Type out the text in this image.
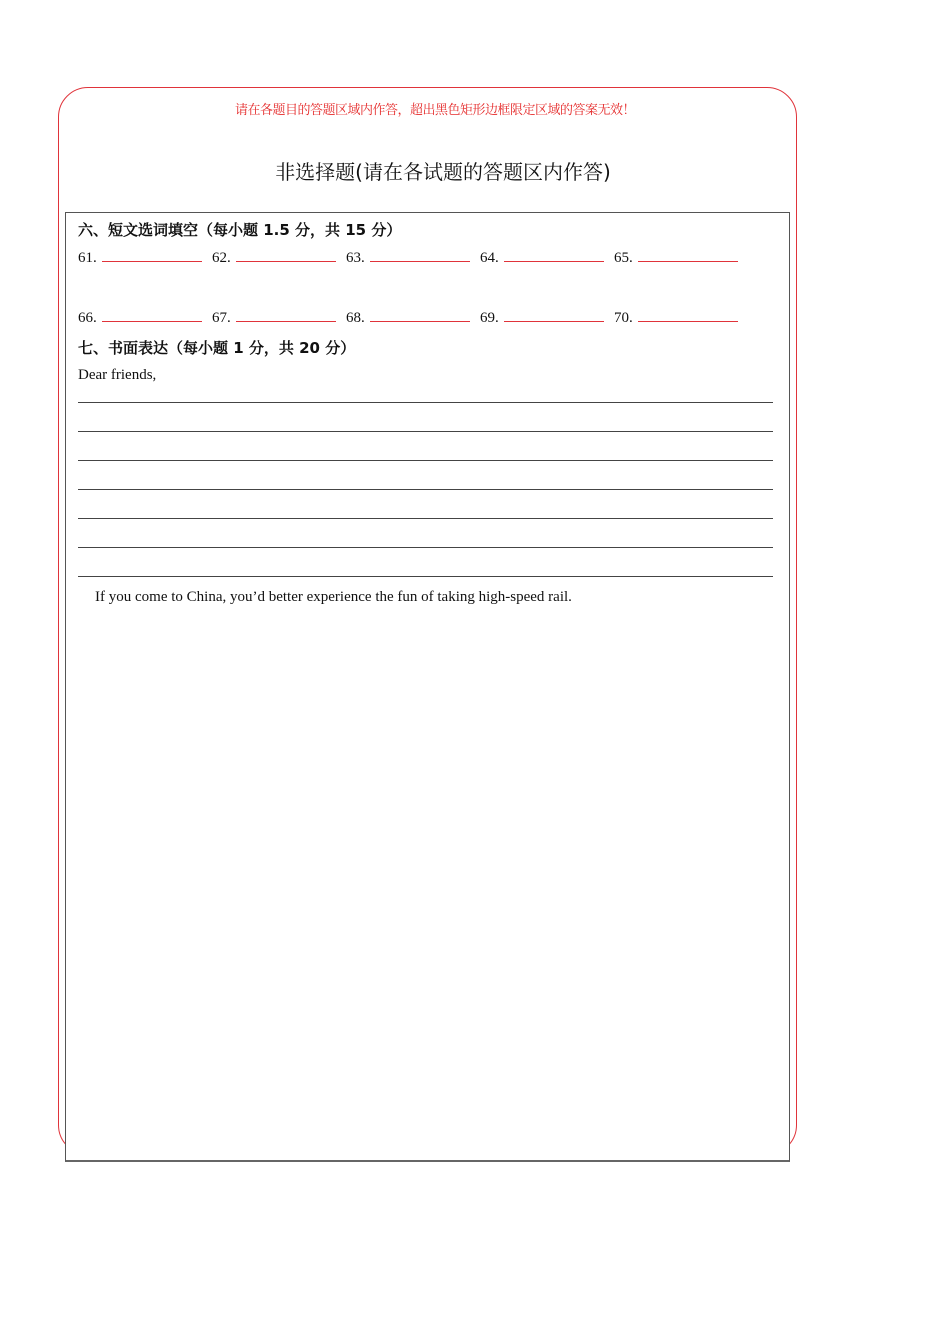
请在各题目的答题区域内作答，超出黑色矩形边框限定区域的答案无效！
非选择题(请在各试题的答题区内作答)
六、短文选词填空（每小题 1.5 分，共 15 分）
61.	62.	63.	64.	65.
66.	67.	68.	69.	70.
七、书面表达（每小题 1 分，共 20 分）
Dear friends,
If you come to China, you’d better experience the fun of taking high-speed rail.
